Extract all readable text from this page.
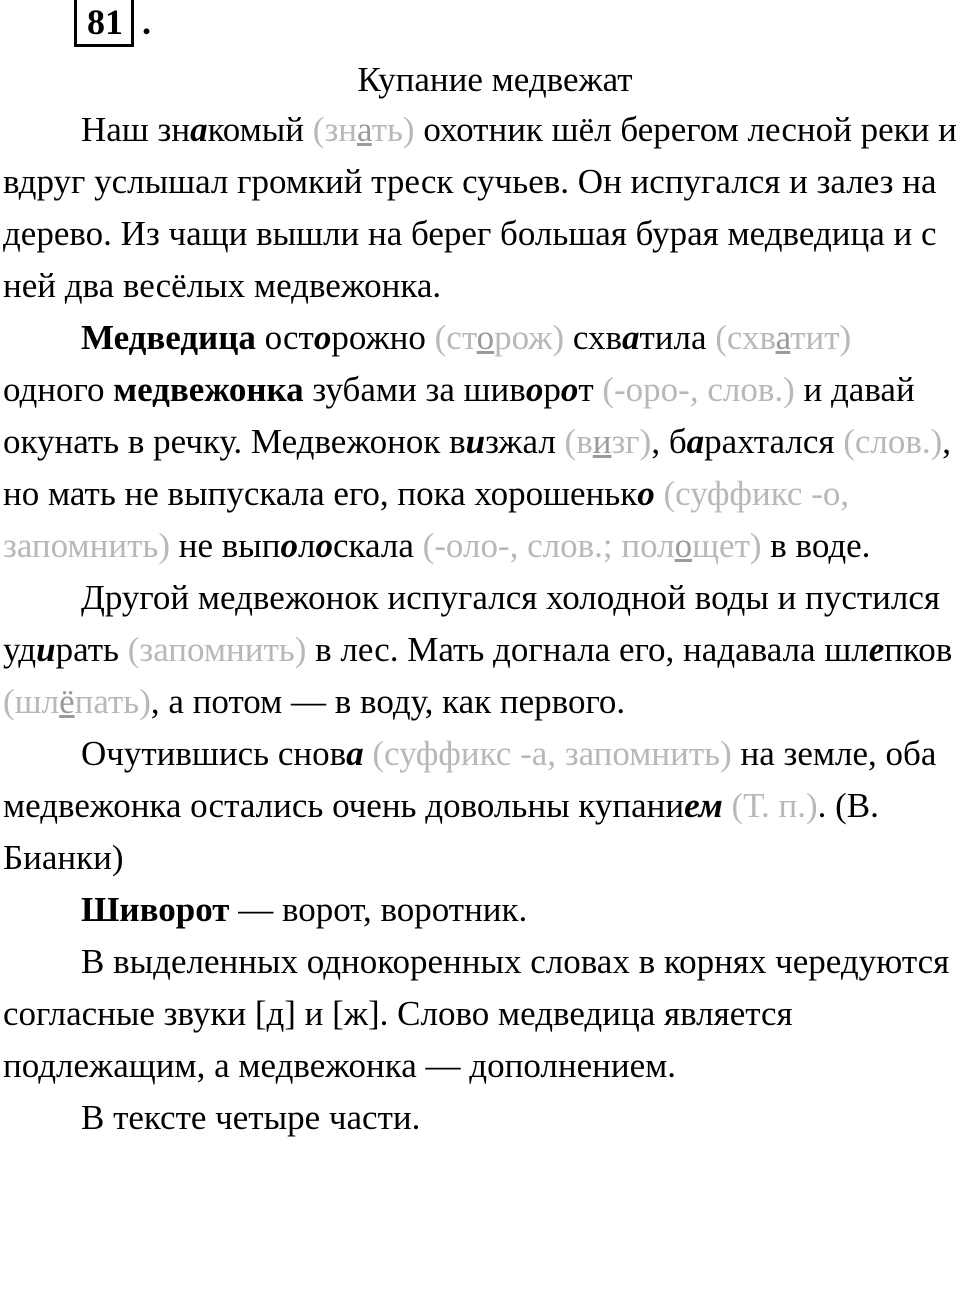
81 .
Купание медвежат

Наш знакомый (знать) охотник шёл берегом лесной реки и вдруг услышал громкий треск сучьев. Он испугался и залез на дерево. Из чащи вышли на берег большая бурая медведица и с ней два весёлых медвежонка.

Медведица осторожно (сторож) схватила (схватит) одного медвежонка зубами за шиворот (-оро-, слов.) и давай окунать в речку. Медвежонок визжал (визг), барахтался (слов.), но мать не выпускала его, пока хорошенько (суффикс -о, запомнить) не выполоскала (-оло-, слов.; полощет) в воде.

Другой медвежонок испугался холодной воды и пустился удирать (запомнить) в лес. Мать догнала его, надавала шлепков (шлёпать), а потом — в воду, как первого.

Очутившись снова (суффикс -а, запомнить) на земле, оба медвежонка остались очень довольны купанием (Т. п.). (В. Бианки)

Шиворот — ворот, воротник.

В выделенных однокоренных словах в корнях чередуются согласные звуки [д] и [ж]. Слово медведица является подлежащим, а медвежонка — дополнением.

В тексте четыре части.
